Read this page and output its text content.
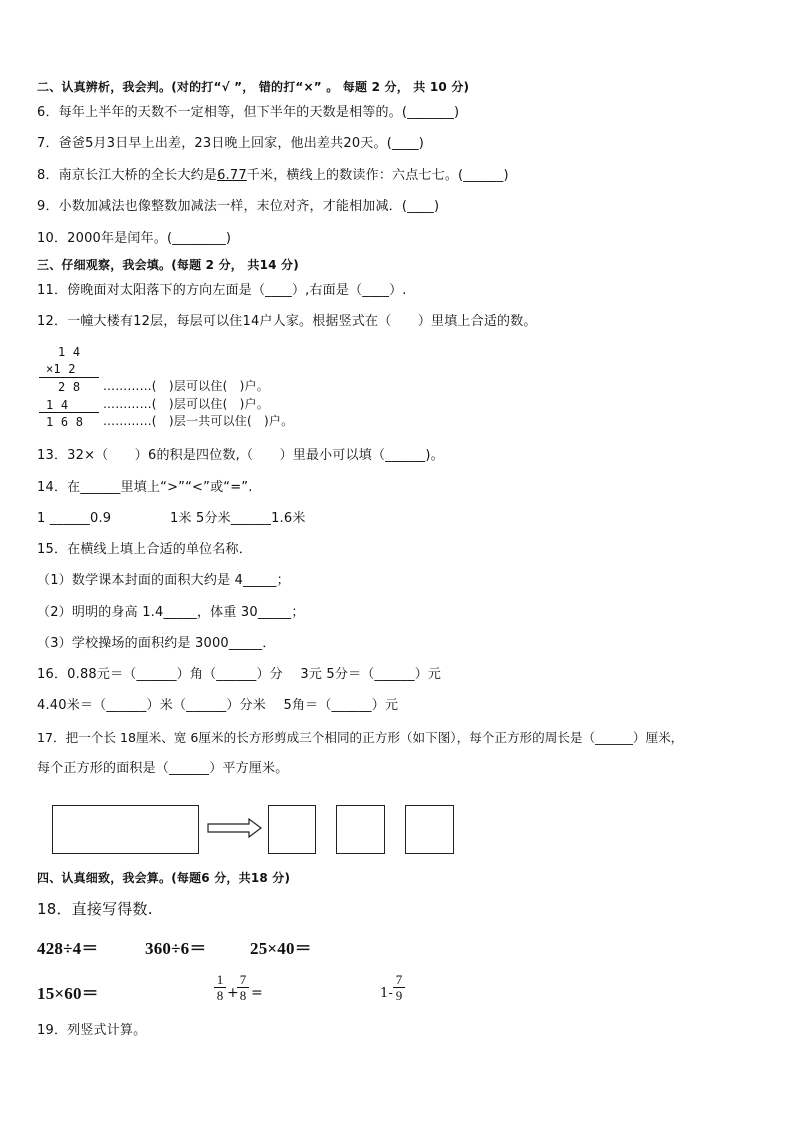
二、认真辨析，我会判。(对的打“√ ”， 错的打“×” 。 每题 2 分， 共 10 分)
6．每年上半年的天数不一定相等，但下半年的天数是相等的。(_______)
7．爸爸5月3日早上出差，23日晚上回家，他出差共20天。(____)
8．南京长江大桥的全长大约是6.77千米，横线上的数读作：六点七七。(______)
9．小数加减法也像整数加减法一样，末位对齐，才能相加减．(____)
10．2000年是闰年。(________)
三、仔细观察，我会填。(每题 2 分， 共14 分)
11．傍晚面对太阳落下的方向左面是（____）,右面是（____）.
12．一幢大楼有12层，每层可以住14户人家。根据竖式在（　　）里填上合适的数。
1 4
×1 2
2 8 …………(　)层可以住(　)户。
1 4	…………(　)层可以住(　)户。
1 6 8 …………(　)层一共可以住(　)户。
13．32×（　　）6的积是四位数,（　　）里最小可以填（______)。
14．在______里填上“>”“<”或“=”.
1 ______0.9	1米 5分米______1.6米
15．在横线上填上合适的单位名称．
（1）数学课本封面的面积大约是 4_____；
（2）明明的身高 1.4_____，体重 30_____；
（3）学校操场的面积约是 3000_____．
16．0.88元＝（______）角（______）分　 3元 5分＝（______）元
4.40米＝（______）米（______）分米　 5角＝（______）元
17．把一个长 18厘米、宽 6厘米的长方形剪成三个相同的正方形（如下图），每个正方形的周长是（______）厘米，
每个正方形的面积是（______）平方厘米。
四、认真细致，我会算。(每题6 分，共18 分)
18．直接写得数.
428÷4＝	360÷6＝	25×40＝
15×60＝
1
8 +
7
8 =	1-
7
9
19．列竖式计算。
